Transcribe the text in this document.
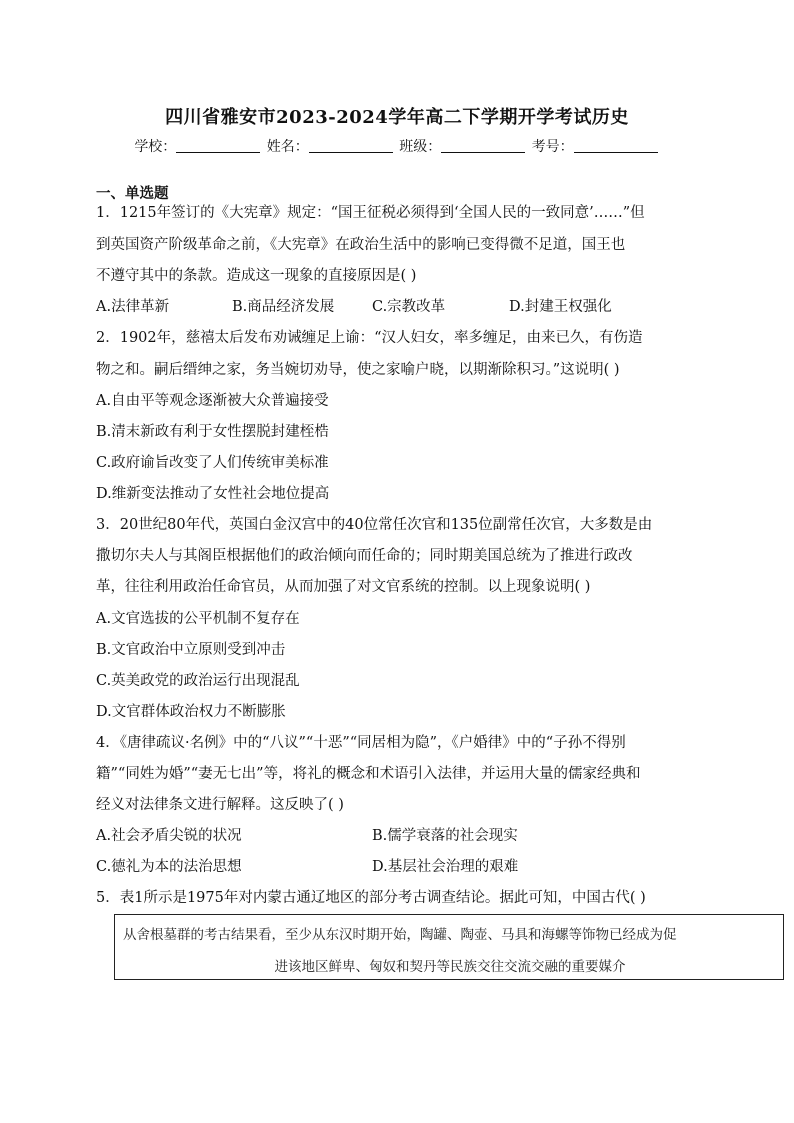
四川省雅安市2023-2024学年高二下学期开学考试历史
学校：	姓名：	班级：	考号：
一、单选题
1．1215年签订的《大宪章》规定：“国王征税必须得到‘全国人民的一致同意’……”但
到英国资产阶级革命之前，《大宪章》在政治生活中的影响已变得微不足道，国王也
不遵守其中的条款。造成这一现象的直接原因是( )
A.法律革新	B.商品经济发展	C.宗教改革	D.封建王权强化
2．1902年，慈禧太后发布劝诫缠足上谕：“汉人妇女，率多缠足，由来已久，有伤造
物之和。嗣后缙绅之家，务当婉切劝导，使之家喻户晓，以期渐除积习。”这说明( )
A.自由平等观念逐渐被大众普遍接受
B.清末新政有利于女性摆脱封建桎梏
C.政府谕旨改变了人们传统审美标准
D.维新变法推动了女性社会地位提高
3．20世纪80年代，英国白金汉宫中的40位常任次官和135位副常任次官，大多数是由
撒切尔夫人与其阁臣根据他们的政治倾向而任命的；同时期美国总统为了推进行政改
革，往往利用政治任命官员，从而加强了对文官系统的控制。以上现象说明( )
A.文官选拔的公平机制不复存在
B.文官政治中立原则受到冲击
C.英美政党的政治运行出现混乱
D.文官群体政治权力不断膨胀
4．《唐律疏议·名例》中的“八议”“十恶”“同居相为隐”，《户婚律》中的“子孙不得别
籍”“同姓为婚”“妻无七出”等，将礼的概念和术语引入法律，并运用大量的儒家经典和
经义对法律条文进行解释。这反映了( )
A.社会矛盾尖锐的状况	B.儒学衰落的社会现实
C.德礼为本的法治思想	D.基层社会治理的艰难
5．表1所示是1975年对内蒙古通辽地区的部分考古调查结论。据此可知，中国古代( )
从舍根墓群的考古结果看，至少从东汉时期开始，陶罐、陶壶、马具和海螺等饰物已经成为促
进该地区鲜卑、匈奴和契丹等民族交往交流交融的重要媒介
